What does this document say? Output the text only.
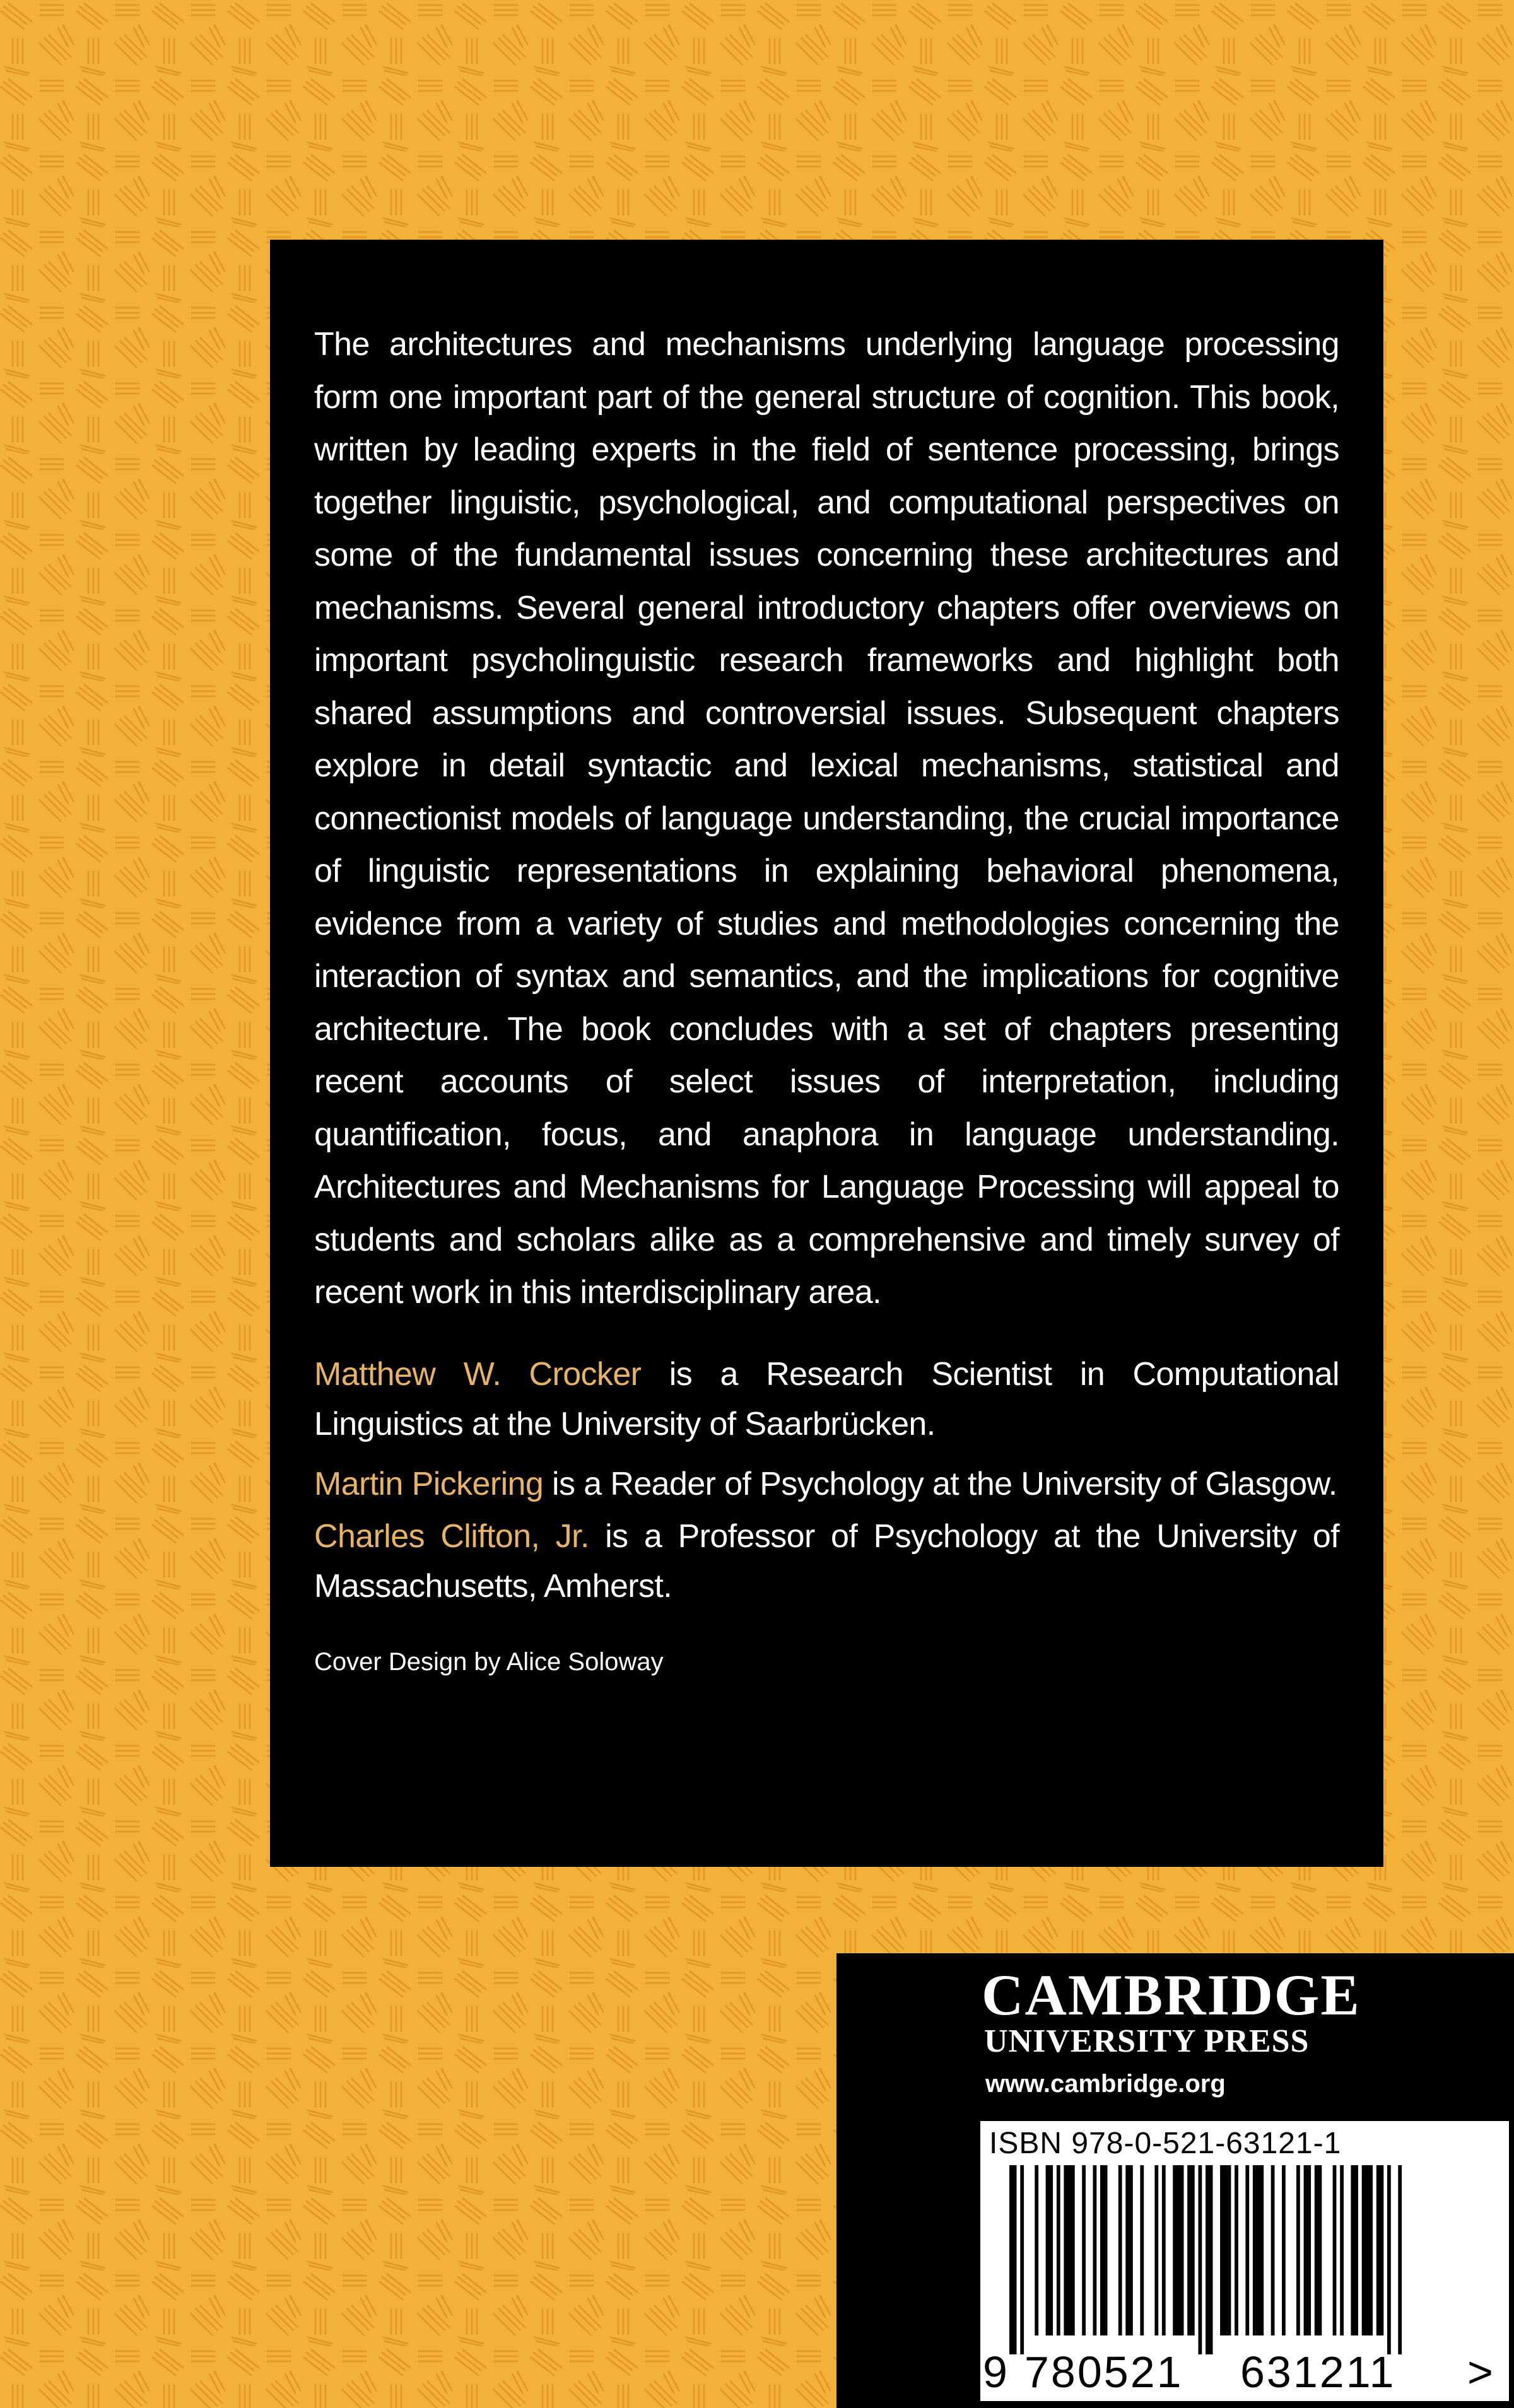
The architectures and mechanisms underlying language processing form one important part of the general structure of cognition. This book, written by leading experts in the field of sentence processing, brings together linguistic, psychological, and computational perspectives on some of the fundamental issues concerning these architectures and mechanisms. Several general introductory chapters offer overviews on important psycholinguistic research frameworks and highlight both shared assumptions and controversial issues. Subsequent chapters explore in detail syntactic and lexical mechanisms, statistical and connectionist models of language understanding, the crucial importance of linguistic representations in explaining behavioral phenomena, evidence from a variety of studies and methodologies concerning the interaction of syntax and semantics, and the implications for cognitive architecture. The book concludes with a set of chapters presenting recent accounts of select issues of interpretation, including quantification, focus, and anaphora in language understanding. Architectures and Mechanisms for Language Processing will appeal to students and scholars alike as a comprehensive and timely survey of recent work in this interdisciplinary area.

Matthew W. Crocker is a Research Scientist in Computational Linguistics at the University of Saarbrücken.

Martin Pickering is a Reader of Psychology at the University of Glasgow.

Charles Clifton, Jr. is a Professor of Psychology at the University of Massachusetts, Amherst.

Cover Design by Alice Soloway

CAMBRIDGE
UNIVERSITY PRESS
www.cambridge.org
ISBN 978-0-521-63121-1
9 780521 631211 >
